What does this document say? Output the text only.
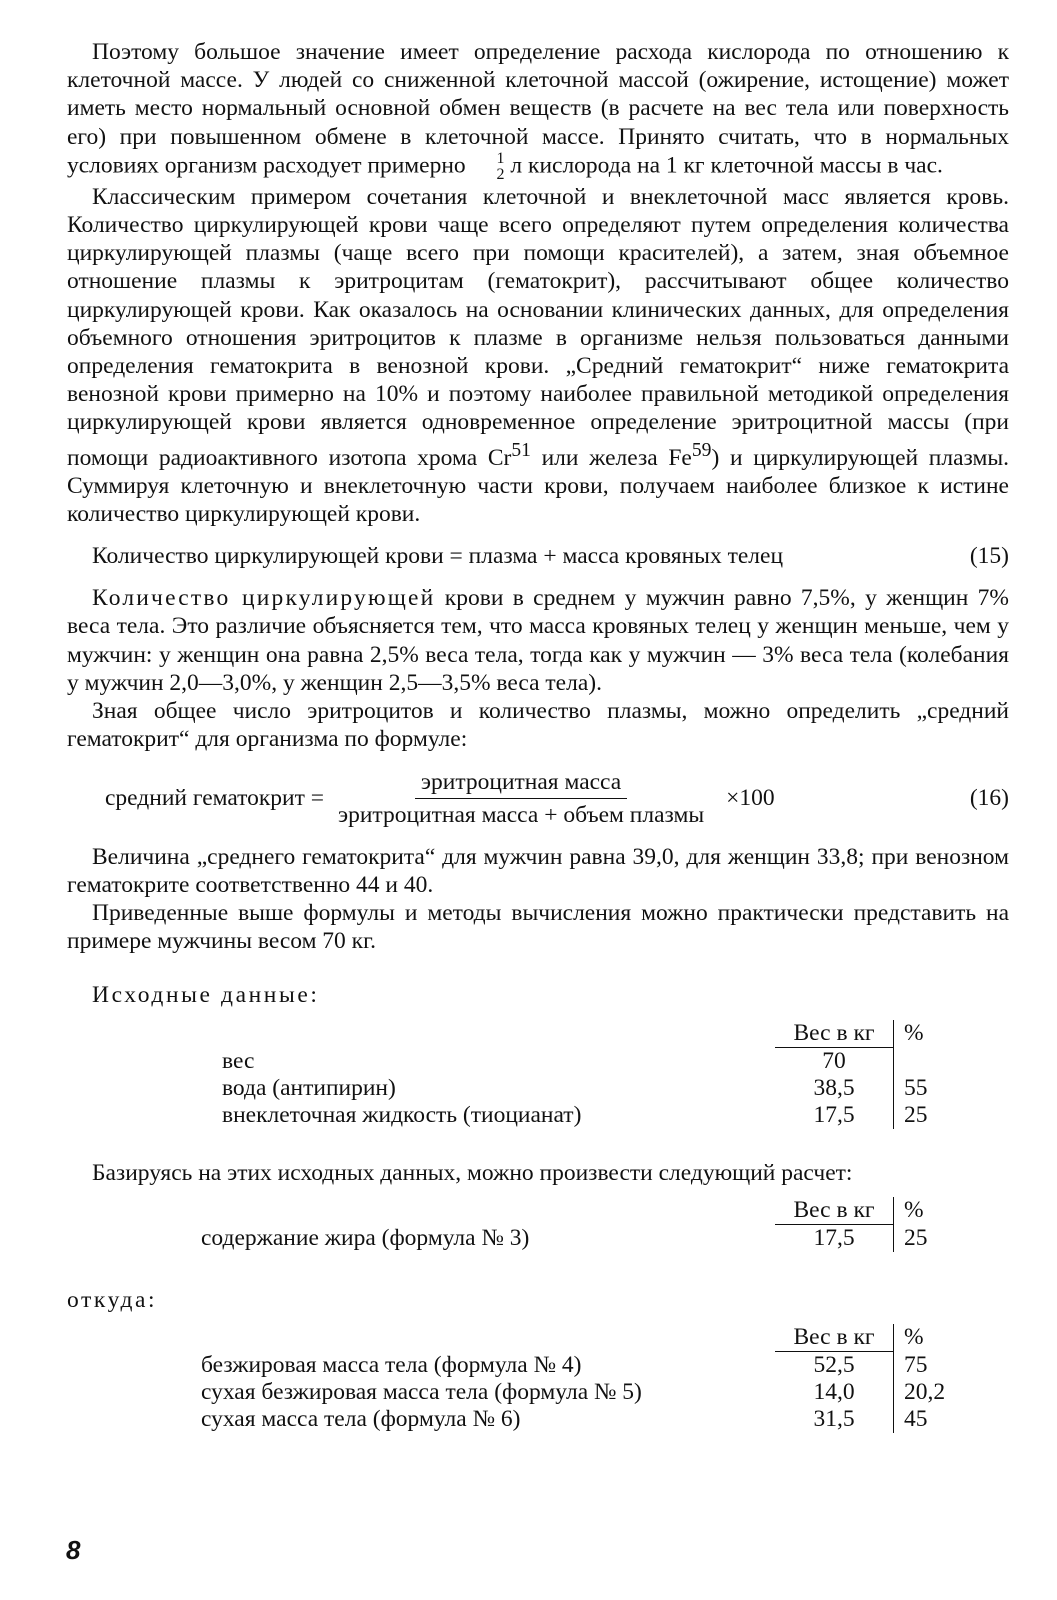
Поэтому большое значение имеет определение расхода кислорода по отношению к клеточной массе. У людей со сниженной клеточной массой (ожирение, истощение) может иметь место нормальный основной обмен веществ (в расчете на вес тела или поверхность его) при повышенном обмене в клеточной массе. Принято считать, что в нормальных условиях организм расходует примерно	1
2 л кислорода на 1 кг клеточной массы в час.

Классическим примером сочетания клеточной и внеклеточной масс является кровь. Количество циркулирующей крови чаще всего определяют путем определения количества циркулирующей плазмы (чаще всего при помощи красителей), а затем, зная объемное отношение плазмы к эритроцитам (гематокрит), рассчитывают общее количество циркулирующей крови. Как оказалось на основании клинических данных, для определения объемного отношения эритроцитов к плазме в организме нельзя пользоваться данными определения гематокрита в венозной крови. „Средний гематокрит“ ниже гематокрита венозной крови примерно на 10% и поэтому наиболее правильной методикой определения циркулирующей крови является одновременное определение эритроцитной массы (при помощи радиоактивного изотопа хрома Cr$^{51}$ или железа Fe$^{59}$) и циркулирующей плазмы. Суммируя клеточную и внеклеточную части крови, получаем наиболее близкое к истине количество циркулирующей крови.

Количество циркулирующей крови = плазма + масса кровяных телец	(15)

Количество циркулирующей крови в среднем у мужчин равно 7,5%, у женщин 7% веса тела. Это различие объясняется тем, что масса кровяных телец у женщин меньше, чем у мужчин: у женщин она равна 2,5% веса тела, тогда как у мужчин — 3% веса тела (колебания у мужчин 2,0—3,0%, у женщин 2,5—3,5% веса тела).

Зная общее число эритроцитов и количество плазмы, можно определить „средний гематокрит“ для организма по формуле:

средний гематокрит = $\frac{\text{эритроцитная масса}}{\text{эритроцитная масса + объем плазмы}} \times 100$	(16)

Величина „среднего гематокрита“ для мужчин равна 39,0, для женщин 33,8; при венозном гематокрите соответственно 44 и 40.

Приведенные выше формулы и методы вычисления можно практически представить на примере мужчины весом 70 кг.

Исходные данные:

	Вес в кг	%
вес	70	
вода (антипирин)	38,5	55
внеклеточная жидкость (тиоцианат)	17,5	25

Базируясь на этих исходных данных, можно произвести следующий расчет:

	Вес в кг	%
содержание жира (формула № 3)	17,5	25

откуда:

	Вес в кг	%
безжировая масса тела (формула № 4)	52,5	75
сухая безжировая масса тела (формула № 5)	14,0	20,2
сухая масса тела (формула № 6)	31,5	45
8
